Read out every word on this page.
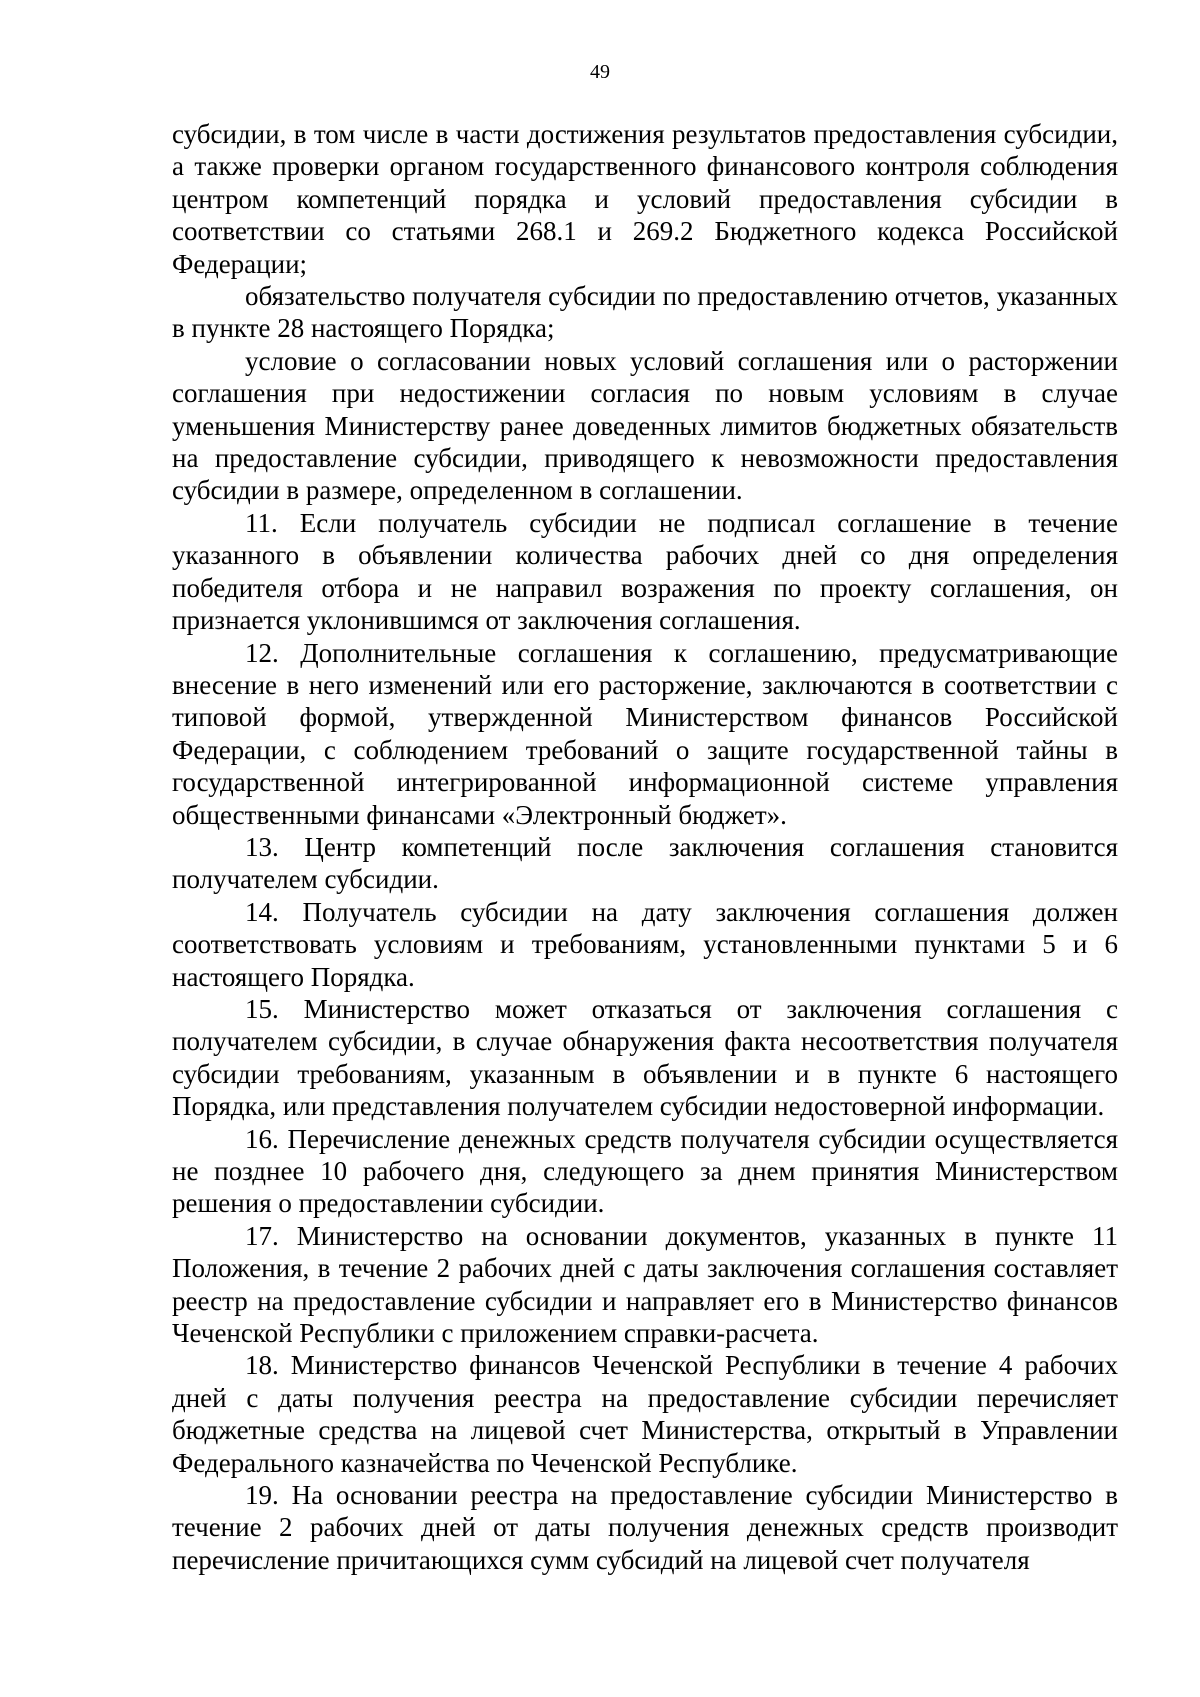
49

субсидии, в том числе в части достижения результатов предоставления субсидии, а также проверки органом государственного финансового контроля соблюдения центром компетенций порядка и условий предоставления субсидии в соответствии со статьями 268.1 и 269.2 Бюджетного кодекса Российской Федерации;

обязательство получателя субсидии по предоставлению отчетов, указанных в пункте 28 настоящего Порядка;

условие о согласовании новых условий соглашения или о расторжении соглашения при недостижении согласия по новым условиям в случае уменьшения Министерству ранее доведенных лимитов бюджетных обязательств на предоставление субсидии, приводящего к невозможности предоставления субсидии в размере, определенном в соглашении.

11. Если получатель субсидии не подписал соглашение в течение указанного в объявлении количества рабочих дней со дня определения победителя отбора и не направил возражения по проекту соглашения, он признается уклонившимся от заключения соглашения.

12. Дополнительные соглашения к соглашению, предусматривающие внесение в него изменений или его расторжение, заключаются в соответствии с типовой формой, утвержденной Министерством финансов Российской Федерации, с соблюдением требований о защите государственной тайны в государственной интегрированной информационной системе управления общественными финансами «Электронный бюджет».

13. Центр компетенций после заключения соглашения становится получателем субсидии.

14. Получатель субсидии на дату заключения соглашения должен соответствовать условиям и требованиям, установленными пунктами 5 и 6 настоящего Порядка.

15. Министерство может отказаться от заключения соглашения с получателем субсидии, в случае обнаружения факта несоответствия получателя субсидии требованиям, указанным в объявлении и в пункте 6 настоящего Порядка, или представления получателем субсидии недостоверной информации.

16. Перечисление денежных средств получателя субсидии осуществляется не позднее 10 рабочего дня, следующего за днем принятия Министерством решения о предоставлении субсидии.

17. Министерство на основании документов, указанных в пункте 11 Положения, в течение 2 рабочих дней с даты заключения соглашения составляет реестр на предоставление субсидии и направляет его в Министерство финансов Чеченской Республики с приложением справки-расчета.

18. Министерство финансов Чеченской Республики в течение 4 рабочих дней с даты получения реестра на предоставление субсидии перечисляет бюджетные средства на лицевой счет Министерства, открытый в Управлении Федерального казначейства по Чеченской Республике.

19. На основании реестра на предоставление субсидии Министерство в течение 2 рабочих дней от даты получения денежных средств производит перечисление причитающихся сумм субсидий на лицевой счет получателя
